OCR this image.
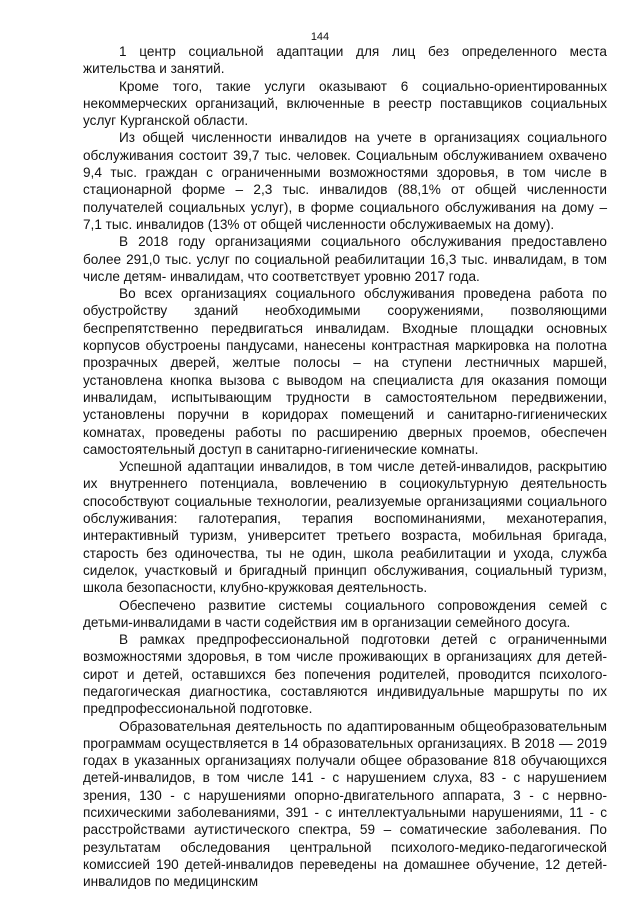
144

1 центр социальной адаптации для лиц без определенного места жительства и занятий.

Кроме того, такие услуги оказывают 6 социально-ориентированных некоммерческих организаций, включенные в реестр поставщиков социальных услуг Курганской области.

Из общей численности инвалидов на учете в организациях социального обслуживания состоит 39,7 тыс. человек. Социальным обслуживанием охвачено 9,4 тыс. граждан с ограниченными возможностями здоровья, в том числе в стационарной форме – 2,3 тыс. инвалидов (88,1% от общей численности получателей социальных услуг), в форме социального обслуживания на дому – 7,1 тыс. инвалидов (13% от общей численности обслуживаемых на дому).

В 2018 году организациями социального обслуживания предоставлено более 291,0 тыс. услуг по социальной реабилитации 16,3 тыс. инвалидам, в том числе детям- инвалидам, что соответствует уровню 2017 года.

Во всех организациях социального обслуживания проведена работа по обустройству зданий необходимыми сооружениями, позволяющими беспрепятственно передвигаться инвалидам. Входные площадки основных корпусов обустроены пандусами, нанесены контрастная маркировка на полотна прозрачных дверей, желтые полосы – на ступени лестничных маршей, установлена кнопка вызова с выводом на специалиста для оказания помощи инвалидам, испытывающим трудности в самостоятельном передвижении, установлены поручни в коридорах помещений и санитарно-гигиенических комнатах, проведены работы по расширению дверных проемов, обеспечен самостоятельный доступ в санитарно-гигиенические комнаты.

Успешной адаптации инвалидов, в том числе детей-инвалидов, раскрытию их внутреннего потенциала, вовлечению в социокультурную деятельность способствуют социальные технологии, реализуемые организациями социального обслуживания: галотерапия, терапия воспоминаниями, механотерапия, интерактивный туризм, университет третьего возраста, мобильная бригада, старость без одиночества, ты не один, школа реабилитации и ухода, служба сиделок, участковый и бригадный принцип обслуживания, социальный туризм, школа безопасности, клубно-кружковая деятельность.

Обеспечено развитие системы социального сопровождения семей с детьми-инвалидами в части содействия им в организации семейного досуга.

В рамках предпрофессиональной подготовки детей с ограниченными возможностями здоровья, в том числе проживающих в организациях для детей-сирот и детей, оставшихся без попечения родителей, проводится психолого-педагогическая диагностика, составляются индивидуальные маршруты по их предпрофессиональной подготовке.

Образовательная деятельность по адаптированным общеобразовательным программам осуществляется в 14 образовательных организациях. В 2018 — 2019 годах в указанных организациях получали общее образование 818 обучающихся детей-инвалидов, в том числе 141 - с нарушением слуха, 83 - с нарушением зрения, 130 - с нарушениями опорно-двигательного аппарата, 3 - с нервно-психическими заболеваниями, 391 - с интеллектуальными нарушениями, 11 - с расстройствами аутистического спектра, 59 – соматические заболевания. По результатам обследования центральной психолого-медико-педагогической комиссией 190 детей-инвалидов переведены на домашнее обучение, 12 детей-инвалидов по медицинским
